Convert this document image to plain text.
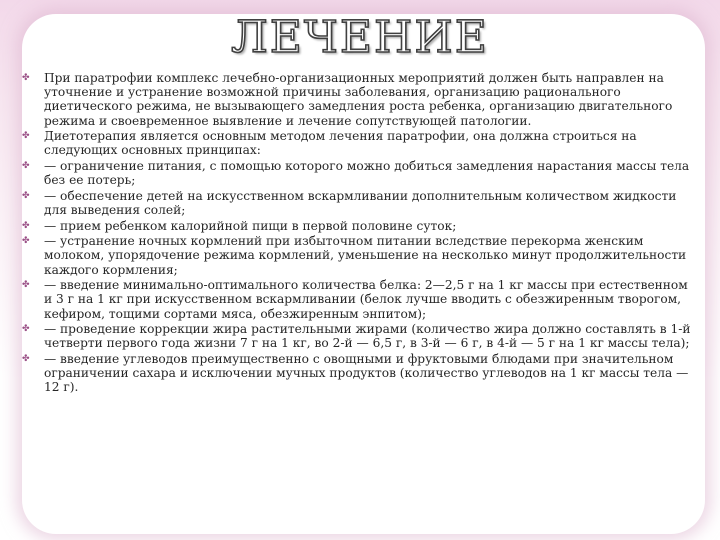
ЛЕЧЕНИЕ
✤ При паратрофии комплекс лечебно-организационных мероприятий должен быть направлен на уточнение и устранение возможной причины заболевания, организацию рационального диетического режима, не вызывающего замедления роста ребенка, организацию двигательного режима и своевременное выявление и лечение сопутствующей патологии.
✤ Диетотерапия является основным методом лечения паратрофии, она должна строиться на следующих основных принципах:
✤ — ограничение питания, с помощью которого можно добиться замедления нарастания массы тела без ее потерь;
✤ — обеспечение детей на искусственном вскармливании дополнительным количеством жидкости для выведения солей;
✤ — прием ребенком калорийной пищи в первой половине суток;
✤ — устранение ночных кормлений при избыточном питании вследствие перекорма женским молоком, упорядочение режима кормлений, уменьшение на несколько минут продолжительности каждого кормления;
✤ — введение минимально-оптимального количества белка: 2—2,5 г на 1 кг массы при естественном и 3 г на 1 кг при искусственном вскармливании (белок лучше вводить с обезжиренным творогом, кефиром, тощими сортами мяса, обезжиренным энпитом);
✤ — проведение коррекции жира растительными жирами (количество жира должно составлять в 1-й четверти первого года жизни 7 г на 1 кг, во 2-й — 6,5 г, в 3-й — 6 г, в 4-й — 5 г на 1 кг массы тела);
✤ — введение углеводов преимущественно с овощными и фруктовыми блюдами при значительном ограничении сахара и исключении мучных продуктов (количество углеводов на 1 кг массы тела — 12 г).
